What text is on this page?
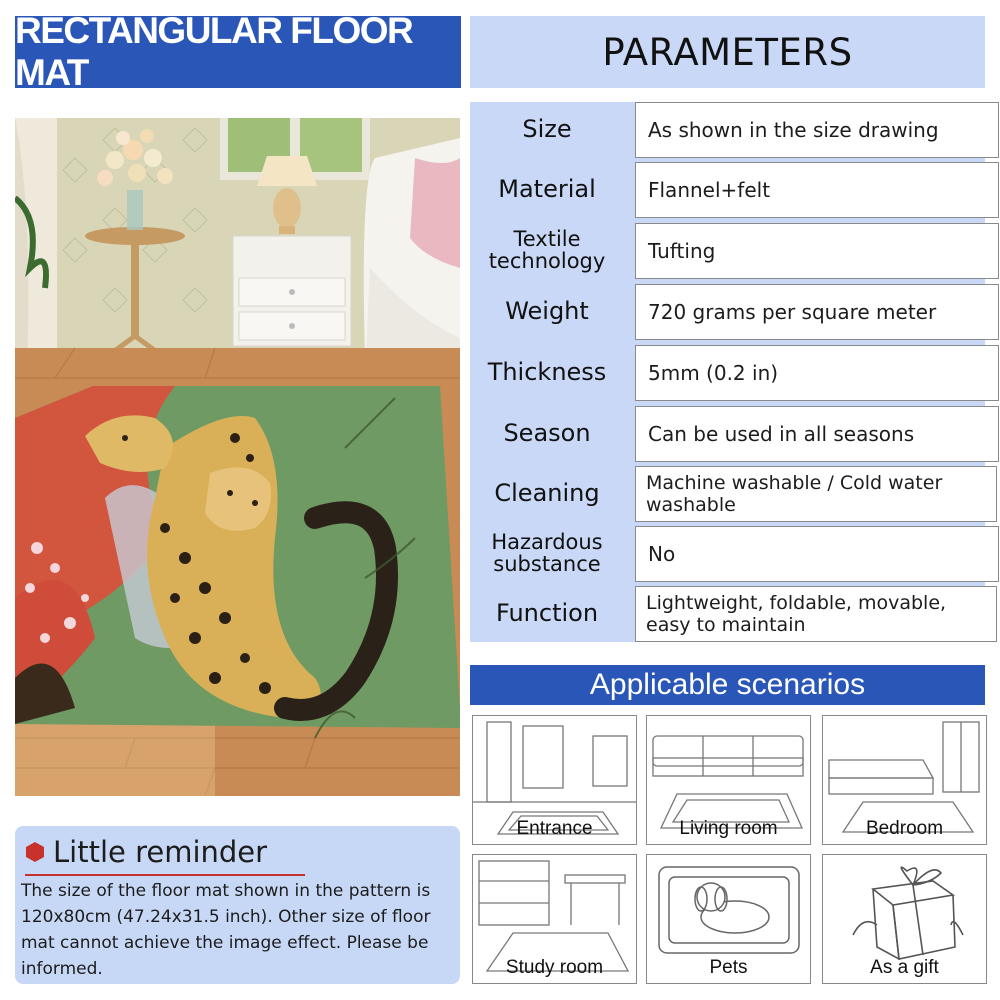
RECTANGULAR FLOOR MAT
Little reminder
The size of the floor mat shown in the pattern is 120x80cm (47.24x31.5 inch). Other size of floor mat cannot achieve the image effect. Please be informed.
PARAMETERS
Size	As shown in the size drawing
Material	Flannel+felt
Textile technology	Tufting
Weight	720 grams per square meter
Thickness	5mm (0.2 in)
Season	Can be used in all seasons
Cleaning	Machine washable / Cold water washable
Hazardous substance	No
Function	Lightweight, foldable, movable, easy to maintain
Applicable scenarios
Entrance	Living room	Bedroom
Study room	Pets	As a gift
